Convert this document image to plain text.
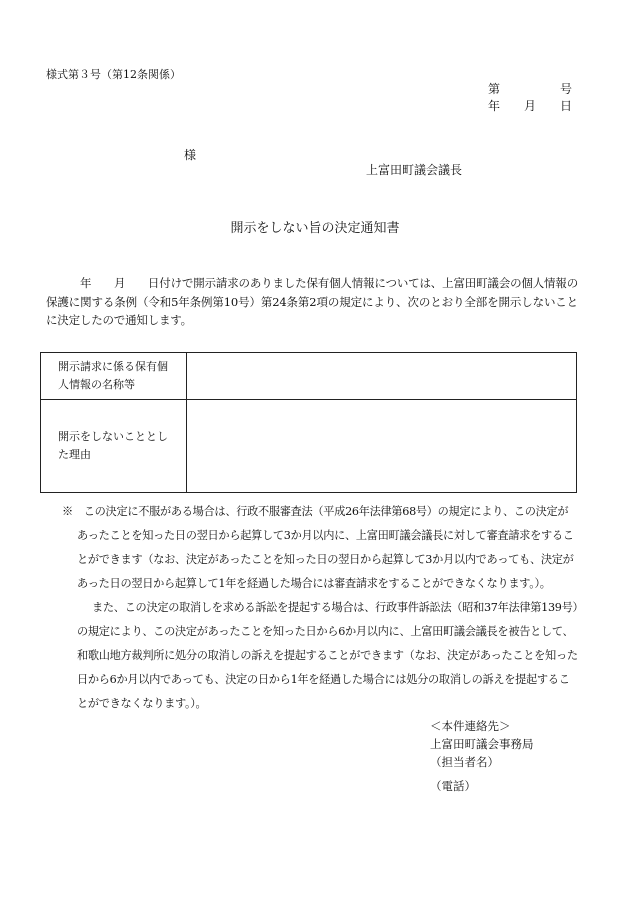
様式第３号（第12条関係）
第　　　　　号
年　　月　　日
様
上富田町議会議長
開示をしない旨の決定通知書
　　　年　　月　　日付けで開示請求のありました保有個人情報については、上富田町議会の個人情報の保護に関する条例（令和5年条例第10号）第24条第2項の規定により、次のとおり全部を開示しないことに決定したので通知します。
開示請求に係る保有個人情報の名称等	
開示をしないこととした理由	

※　この決定に不服がある場合は、行政不服審査法（平成26年法律第68号）の規定により、この決定があったことを知った日の翌日から起算して3か月以内に、上富田町議会議長に対して審査請求をすることができます（なお、決定があったことを知った日の翌日から起算して3か月以内であっても、決定があった日の翌日から起算して1年を経過した場合には審査請求をすることができなくなります。）。

また、この決定の取消しを求める訴訟を提起する場合は、行政事件訴訟法（昭和37年法律第139号）の規定により、この決定があったことを知った日から6か月以内に、上富田町議会議長を被告として、和歌山地方裁判所に処分の取消しの訴えを提起することができます（なお、決定があったことを知った日から6か月以内であっても、決定の日から1年を経過した場合には処分の取消しの訴えを提起することができなくなります。）。

＜本件連絡先＞
上富田町議会事務局
（担当者名）
（電話）
